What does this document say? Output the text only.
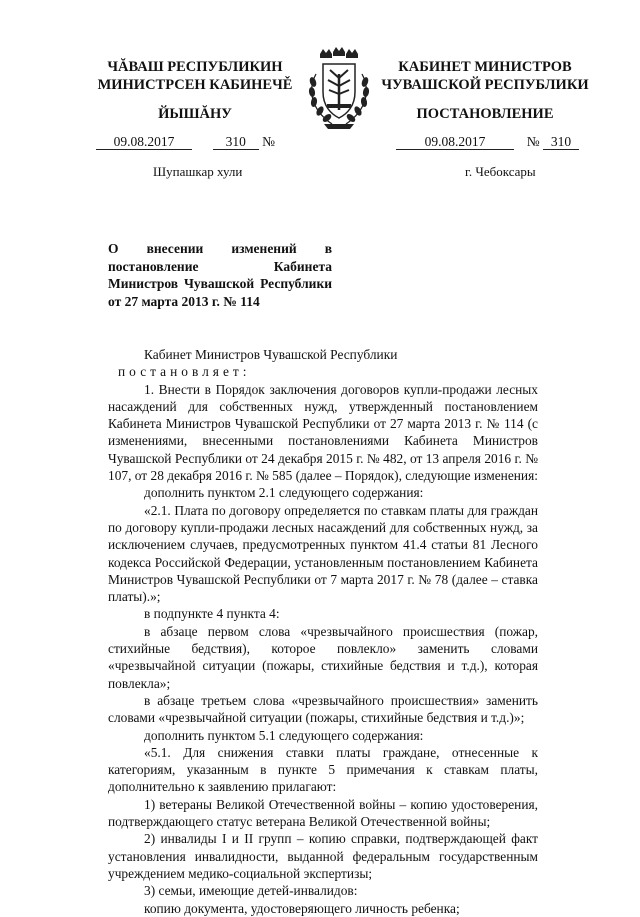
ЧĂВАШ РЕСПУБЛИКИН
МИНИСТРСЕН КАБИНЕЧĚ
КАБИНЕТ МИНИСТРОВ
ЧУВАШСКОЙ РЕСПУБЛИКИ
ЙЫШĂНУ	ПОСТАНОВЛЕНИЕ
09.08.2017	310 №	09.08.2017	№ 310
Шупашкар хули	г. Чебоксары
О внесении изменений в постановление Кабинета Министров Чувашской Республики от 27 марта 2013 г. № 114

Кабинет Министров Чувашской Республики постановляет:

1. Внести в Порядок заключения договоров купли-продажи лесных насаждений для собственных нужд, утвержденный постановлением Кабинета Министров Чувашской Республики от 27 марта 2013 г. № 114 (с изменениями, внесенными постановлениями Кабинета Министров Чувашской Республики от 24 декабря 2015 г. № 482, от 13 апреля 2016 г. № 107, от 28 декабря 2016 г. № 585 (далее – Порядок), следующие изменения:

дополнить пунктом 2.1 следующего содержания:

«2.1. Плата по договору определяется по ставкам платы для граждан по договору купли-продажи лесных насаждений для собственных нужд, за исключением случаев, предусмотренных пунктом 41.4 статьи 81 Лесного кодекса Российской Федерации, установленным постановлением Кабинета Министров Чувашской Республики от 7 марта 2017 г. № 78 (далее – ставка платы).»;

в подпункте 4 пункта 4:

в абзаце первом слова «чрезвычайного происшествия (пожар, стихийные бедствия), которое повлекло» заменить словами «чрезвычайной ситуации (пожары, стихийные бедствия и т.д.), которая повлекла»;

в абзаце третьем слова «чрезвычайного происшествия» заменить словами «чрезвычайной ситуации (пожары, стихийные бедствия и т.д.)»;

дополнить пунктом 5.1 следующего содержания:

«5.1. Для снижения ставки платы граждане, отнесенные к категориям, указанным в пункте 5 примечания к ставкам платы, дополнительно к заявлению прилагают:

1) ветераны Великой Отечественной войны – копию удостоверения, подтверждающего статус ветерана Великой Отечественной войны;

2) инвалиды I и II групп – копию справки, подтверждающей факт установления инвалидности, выданной федеральным государственным учреждением медико-социальной экспертизы;

3) семьи, имеющие детей-инвалидов:

копию документа, удостоверяющего личность ребенка;
